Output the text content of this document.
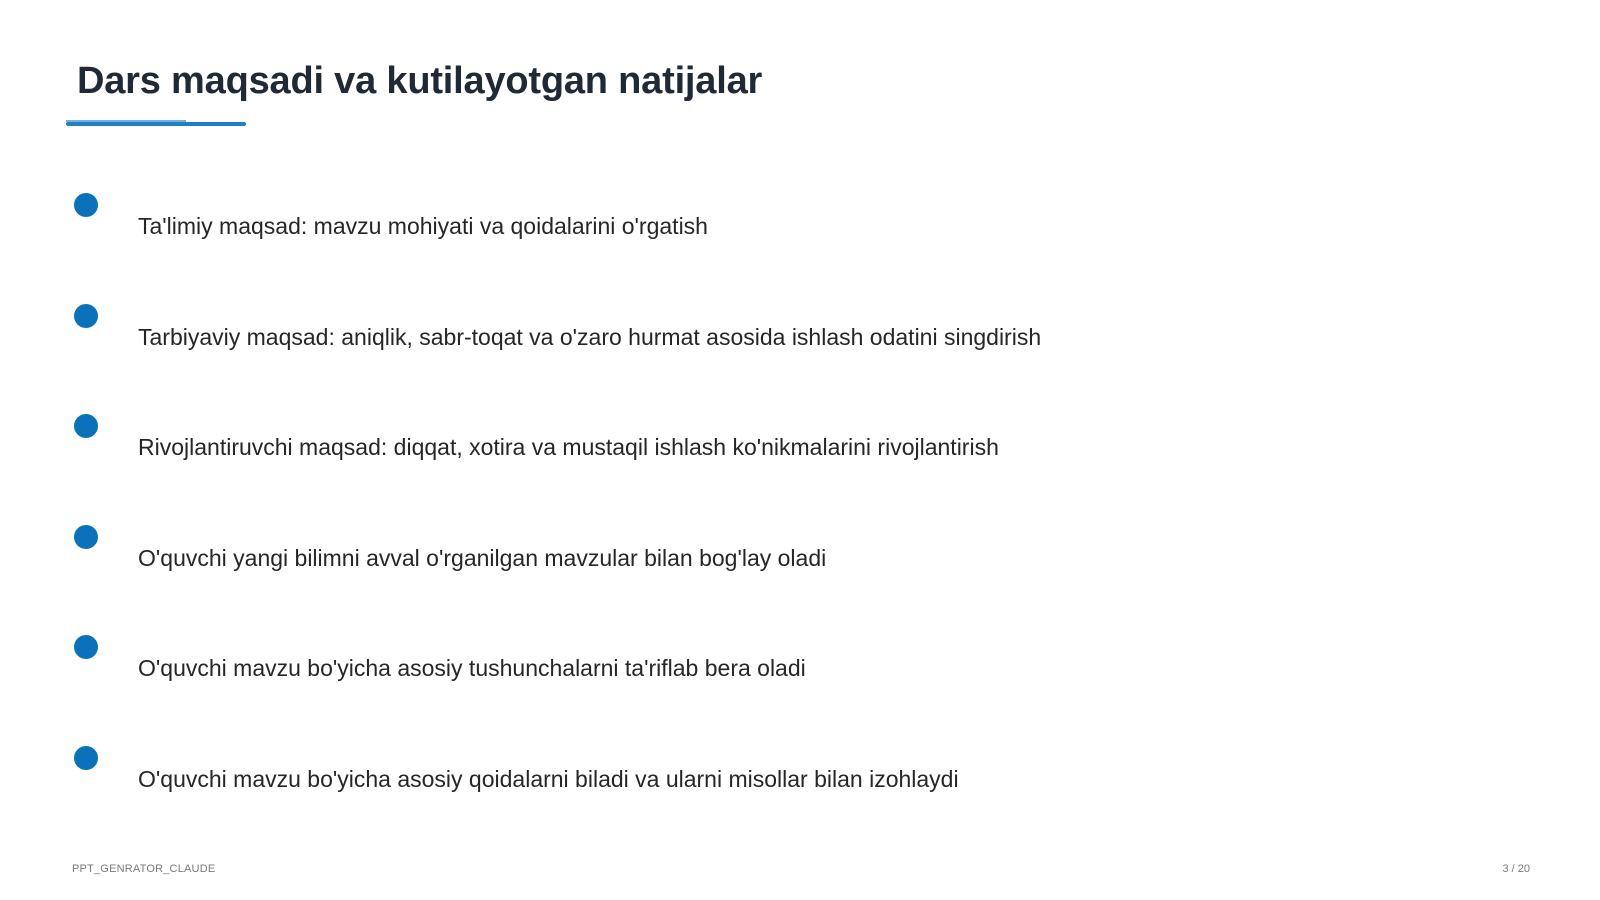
Dars maqsadi va kutilayotgan natijalar
Ta'limiy maqsad: mavzu mohiyati va qoidalarini o'rgatish
Tarbiyaviy maqsad: aniqlik, sabr-toqat va o'zaro hurmat asosida ishlash odatini singdirish
Rivojlantiruvchi maqsad: diqqat, xotira va mustaqil ishlash ko'nikmalarini rivojlantirish
O'quvchi yangi bilimni avval o'rganilgan mavzular bilan bog'lay oladi
O'quvchi mavzu bo'yicha asosiy tushunchalarni ta'riflab bera oladi
O'quvchi mavzu bo'yicha asosiy qoidalarni biladi va ularni misollar bilan izohlaydi
PPT_GENRATOR_CLAUDE	3 / 20
